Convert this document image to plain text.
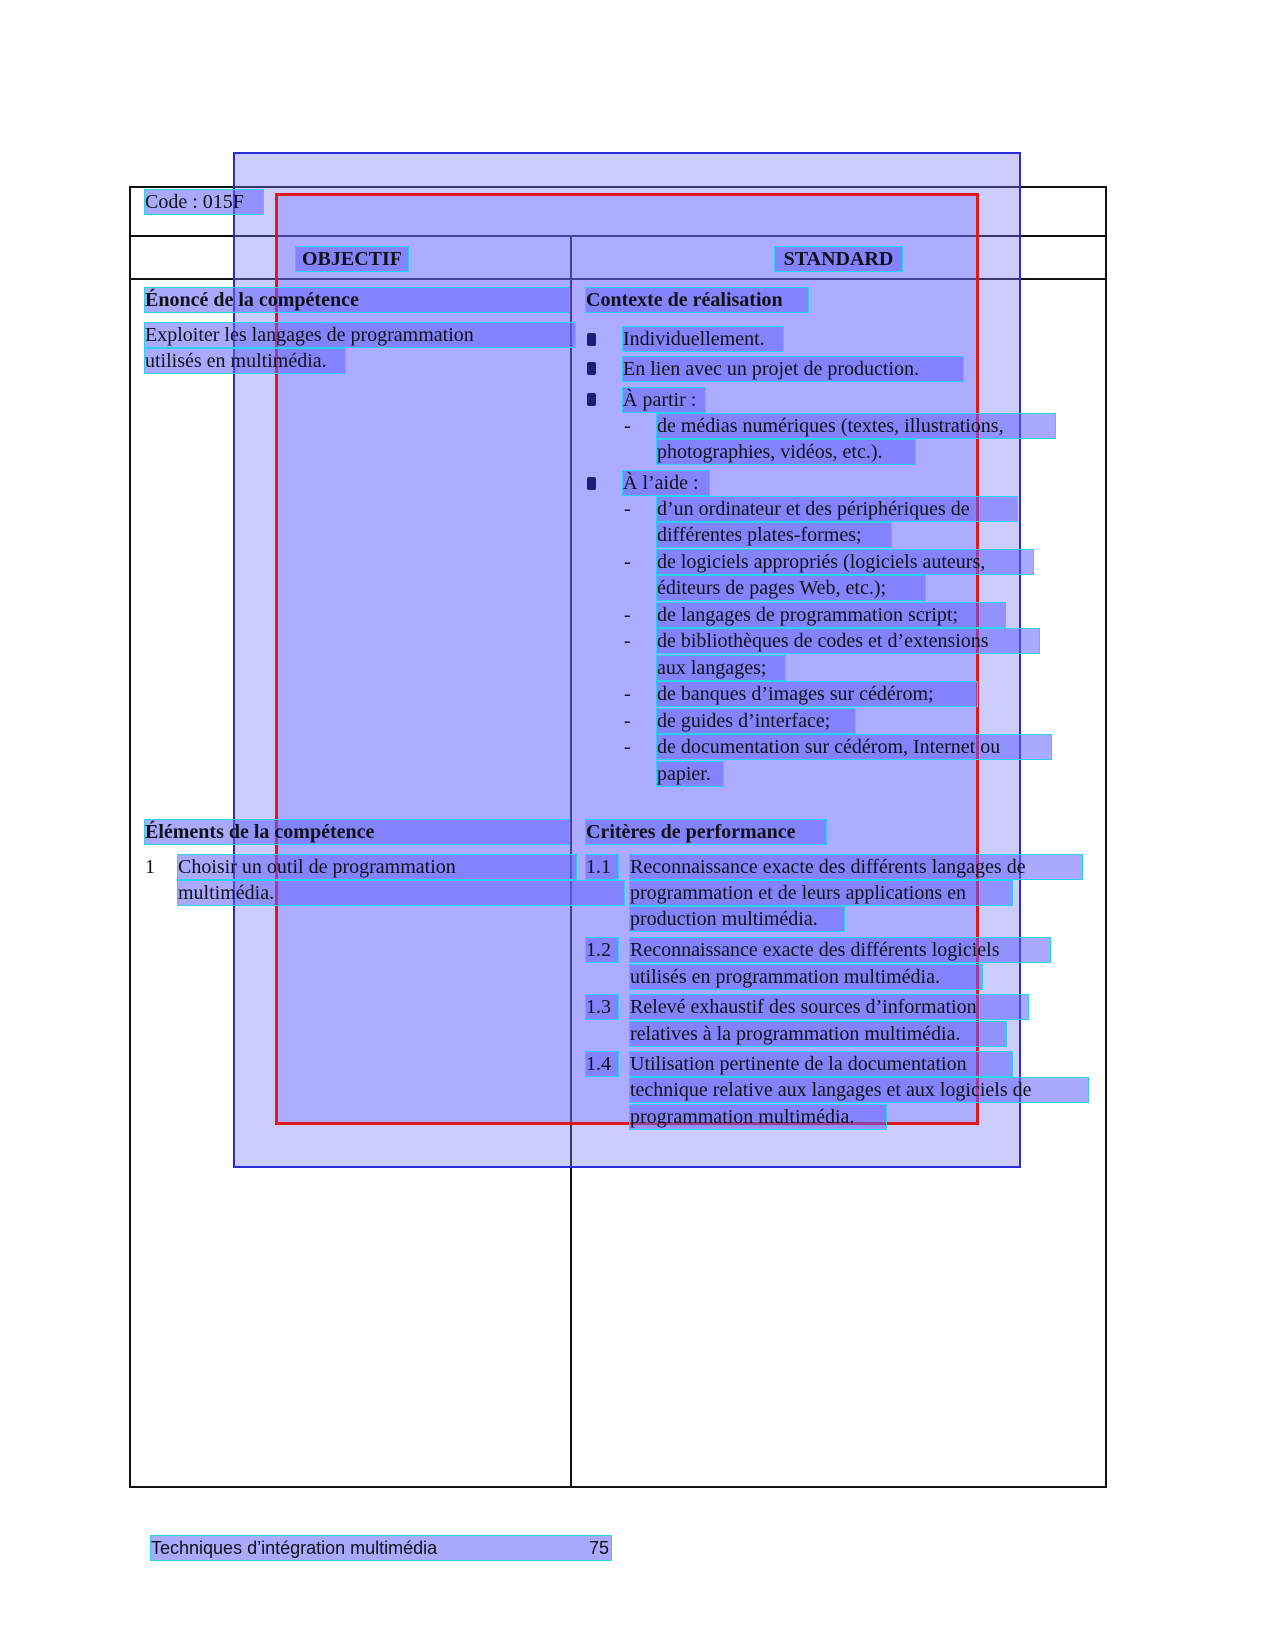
Code : 015F
OBJECTIF	STANDARD
Énoncé de la compétence
Exploiter les langages de programmation
utilisés en multimédia.
Contexte de réalisation
Individuellement.
En lien avec un projet de production.
À partir :
- de médias numériques (textes, illustrations,
photographies, vidéos, etc.).
À l’aide :
- d’un ordinateur et des périphériques de
différentes plates-formes;
- de logiciels appropriés (logiciels auteurs,
éditeurs de pages Web, etc.);
- de langages de programmation script;
- de bibliothèques de codes et d’extensions
aux langages;
- de banques d’images sur cédérom;
- de guides d’interface;
- de documentation sur cédérom, Internet ou
papier.
Éléments de la compétence
1 Choisir un outil de programmation
multimédia.
Critères de performance
1.1 Reconnaissance exacte des différents langages de
programmation et de leurs applications en
production multimédia.
1.2 Reconnaissance exacte des différents logiciels
utilisés en programmation multimédia.
1.3 Relevé exhaustif des sources d’information
relatives à la programmation multimédia.
1.4 Utilisation pertinente de la documentation
technique relative aux langages et aux logiciels de
programmation multimédia.
Techniques d’intégration multimédia	75
